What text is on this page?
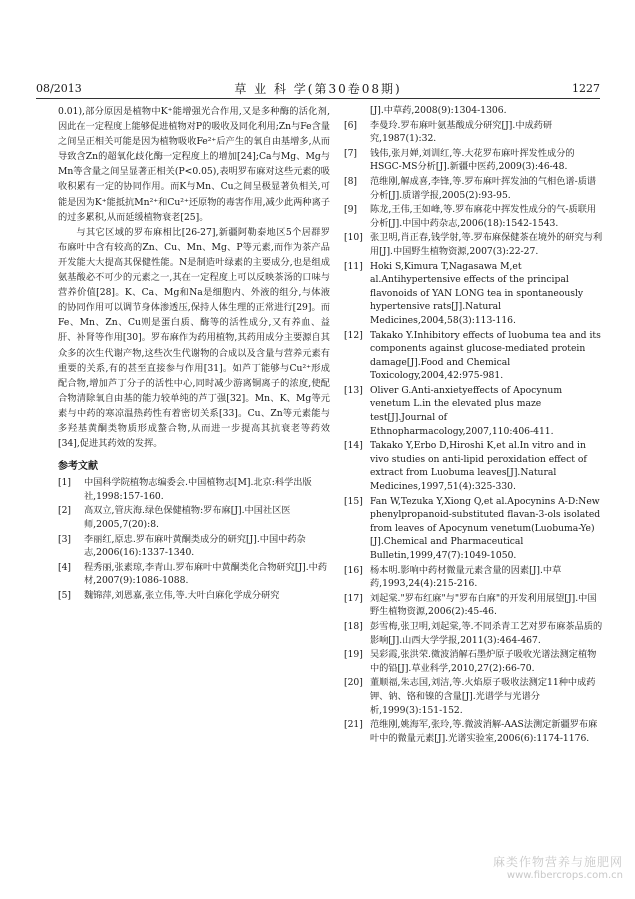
08/2013	草 业 科 学(第30卷08期)	1227

0.01),部分原因是植物中K⁺能增强光合作用,又是多种酶的活化剂,因此在一定程度上能够促进植物对P的吸收及同化利用;Zn与Fe含量之间呈正相关可能是因为植物吸收Fe²⁺后产生的氧自由基增多,从而导致含Zn的超氧化歧化酶一定程度上的增加[24];Ca与Mg、Mg与Mn等含量之间呈显著正相关(P<0.05),表明罗布麻对这些元素的吸收积累有一定的协同作用。而K与Mn、Cu之间呈极显著负相关,可能是因为K⁺能抵抗Mn²⁺和Cu²⁺还原物的毒害作用,减少此两种离子的过多累积,从而延缓植物衰老[25]。

与其它区域的罗布麻相比[26-27],新疆阿勒泰地区5个居群罗布麻叶中含有较高的Zn、Cu、Mn、Mg、P等元素,而作为茶产品开发能大大提高其保健性能。N是制造叶绿素的主要成分,也是组成氨基酸必不可少的元素之一,其在一定程度上可以反映茶汤的口味与营养价值[28]。K、Ca、Mg和Na是细胞内、外液的组分,与体液的协同作用可以调节身体渗透压,保持人体生理的正常进行[29]。而Fe、Mn、Zn、Cu则是蛋白质、酶等的活性成分,又有养血、益肝、补肾等作用[30]。罗布麻作为药用植物,其药用成分主要源自其众多的次生代谢产物,这些次生代谢物的合成以及含量与营养元素有重要的关系,有的甚至直接参与作用[31]。如芦丁能够与Cu²⁺形成配合物,增加芦丁分子的活性中心,同时减少游离铜离子的浓度,使配合物清除氧自由基的能力较单纯的芦丁强[32]。Mn、K、Mg等元素与中药的寒凉温热药性有着密切关系[33]。Cu、Zn等元素能与多羟基黄酮类物质形成螯合物,从而进一步提高其抗衰老等药效[34],促进其药效的发挥。

参考文献

[1] 中国科学院植物志编委会.中国植物志[M].北京:科学出版社,1998:157-160.
[2] 高双立,管庆海.绿色保健植物:罗布麻[J].中国社区医师,2005,7(20):8.
[3] 李丽红,原忠.罗布麻叶黄酮类成分的研究[J].中国中药杂志,2006(16):1337-1340.
[4] 程秀丽,张素琼,李青山.罗布麻叶中黄酮类化合物研究[J].中药材,2007(9):1086-1088.
[5] 魏锦萍,刘恩嘉,张立伟,等.大叶白麻化学成分研究
[J].中草药,2008(9):1304-1306.
[6] 李曼玲.罗布麻叶氨基酸成分研究[J].中成药研究,1987(1):32.
[7] 钱伟,张月婵,刘训红,等.大花罗布麻叶挥发性成分的HSGC-MS分析[J].新疆中医药,2009(3):46-48.
[8] 范维刚,解成喜,李锋,等.罗布麻叶挥发油的气相色谱-质谱分析[J].质谱学报,2005(2):93-95.
[9] 陈龙,王伟,王如峰,等.罗布麻花中挥发性成分的气-质联用分析[J].中国中药杂志,2006(18):1542-1543.
[10] 张卫明,肖正春,钱学射,等.罗布麻保健茶在境外的研究与利用[J].中国野生植物资源,2007(3):22-27.
[11] Hoki S,Kimura T,Nagasawa M,et al.Antihypertensive effects of the principal flavonoids of YAN LONG tea in spontaneously hypertensive rats[J].Natural Medicines,2004,58(3):113-116.
[12] Takako Y.Inhibitory effects of luobuma tea and its components against glucose-mediated protein damage[J].Food and Chemical Toxicology,2004,42:975-981.
[13] Oliver G.Anti-anxietyeffects of Apocynum venetum L.in the elevated plus maze test[J].Journal of Ethnopharmacology,2007,110:406-411.
[14] Takako Y,Erbo D,Hiroshi K,et al.In vitro and in vivo studies on anti-lipid peroxidation effect of extract from Luobuma leaves[J].Natural Medicines,1997,51(4):325-330.
[15] Fan W,Tezuka Y,Xiong Q,et al.Apocynins A-D:New phenylpropanoid-substituted flavan-3-ols isolated from leaves of Apocynum venetum(Luobuma-Ye)[J].Chemical and Pharmaceutical Bulletin,1999,47(7):1049-1050.
[16] 杨本明.影响中药材微量元素含量的因素[J].中草药,1993,24(4):215-216.
[17] 刘起棠."罗布红麻"与"罗布白麻"的开发利用展望[J].中国野生植物资源,2006(2):45-46.
[18] 彭雪梅,张卫明,刘起棠,等.不同杀青工艺对罗布麻茶品质的影响[J].山西大学学报,2011(3):464-467.
[19] 吴彩霞,张洪荣.微波消解石墨炉原子吸收光谱法测定植物中的铅[J].草业科学,2010,27(2):66-70.
[20] 董顺福,朱志国,刘洁,等.火焰原子吸收法测定11种中成药钾、钠、铬和镍的含量[J].光谱学与光谱分析,1999(3):151-152.
[21] 范维刚,姚海军,张玲,等.微波消解-AAS法测定新疆罗布麻叶中的微量元素[J].光谱实验室,2006(6):1174-1176.
麻类作物营养与施肥网
www.fibercrops.com.cn
